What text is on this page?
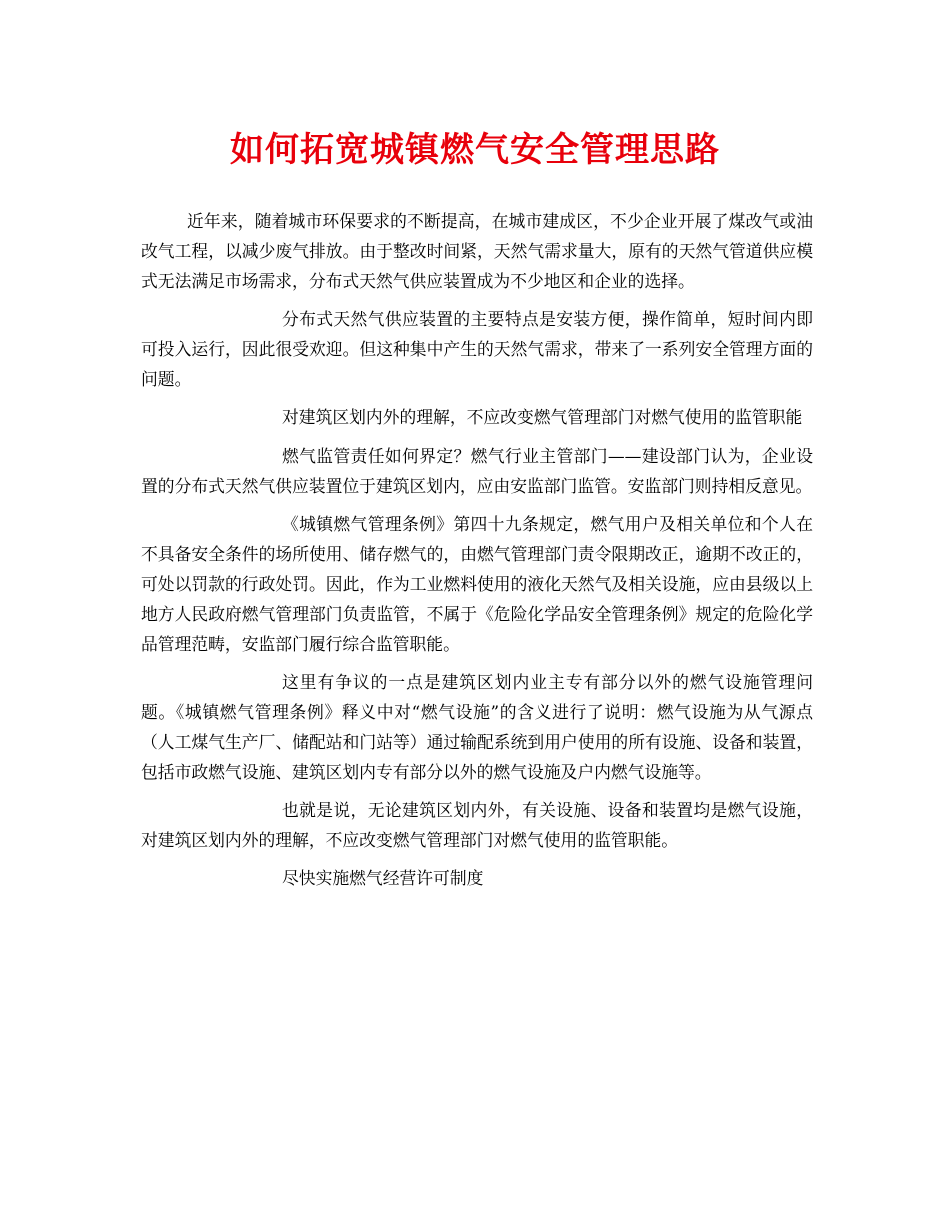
如何拓宽城镇燃气安全管理思路

近年来，随着城市环保要求的不断提高，在城市建成区，不少企业开展了煤改气或油改气工程，以减少废气排放。由于整改时间紧，天然气需求量大，原有的天然气管道供应模式无法满足市场需求，分布式天然气供应装置成为不少地区和企业的选择。

分布式天然气供应装置的主要特点是安装方便，操作简单，短时间内即可投入运行，因此很受欢迎。但这种集中产生的天然气需求，带来了一系列安全管理方面的问题。

对建筑区划内外的理解，不应改变燃气管理部门对燃气使用的监管职能

燃气监管责任如何界定？燃气行业主管部门——建设部门认为，企业设置的分布式天然气供应装置位于建筑区划内，应由安监部门监管。安监部门则持相反意见。

《城镇燃气管理条例》第四十九条规定，燃气用户及相关单位和个人在不具备安全条件的场所使用、储存燃气的，由燃气管理部门责令限期改正，逾期不改正的，可处以罚款的行政处罚。因此，作为工业燃料使用的液化天然气及相关设施，应由县级以上地方人民政府燃气管理部门负责监管，不属于《危险化学品安全管理条例》规定的危险化学品管理范畴，安监部门履行综合监管职能。

这里有争议的一点是建筑区划内业主专有部分以外的燃气设施管理问题。《城镇燃气管理条例》释义中对“燃气设施”的含义进行了说明：燃气设施为从气源点（人工煤气生产厂、储配站和门站等）通过输配系统到用户使用的所有设施、设备和装置，包括市政燃气设施、建筑区划内专有部分以外的燃气设施及户内燃气设施等。

也就是说，无论建筑区划内外，有关设施、设备和装置均是燃气设施，对建筑区划内外的理解，不应改变燃气管理部门对燃气使用的监管职能。

尽快实施燃气经营许可制度
